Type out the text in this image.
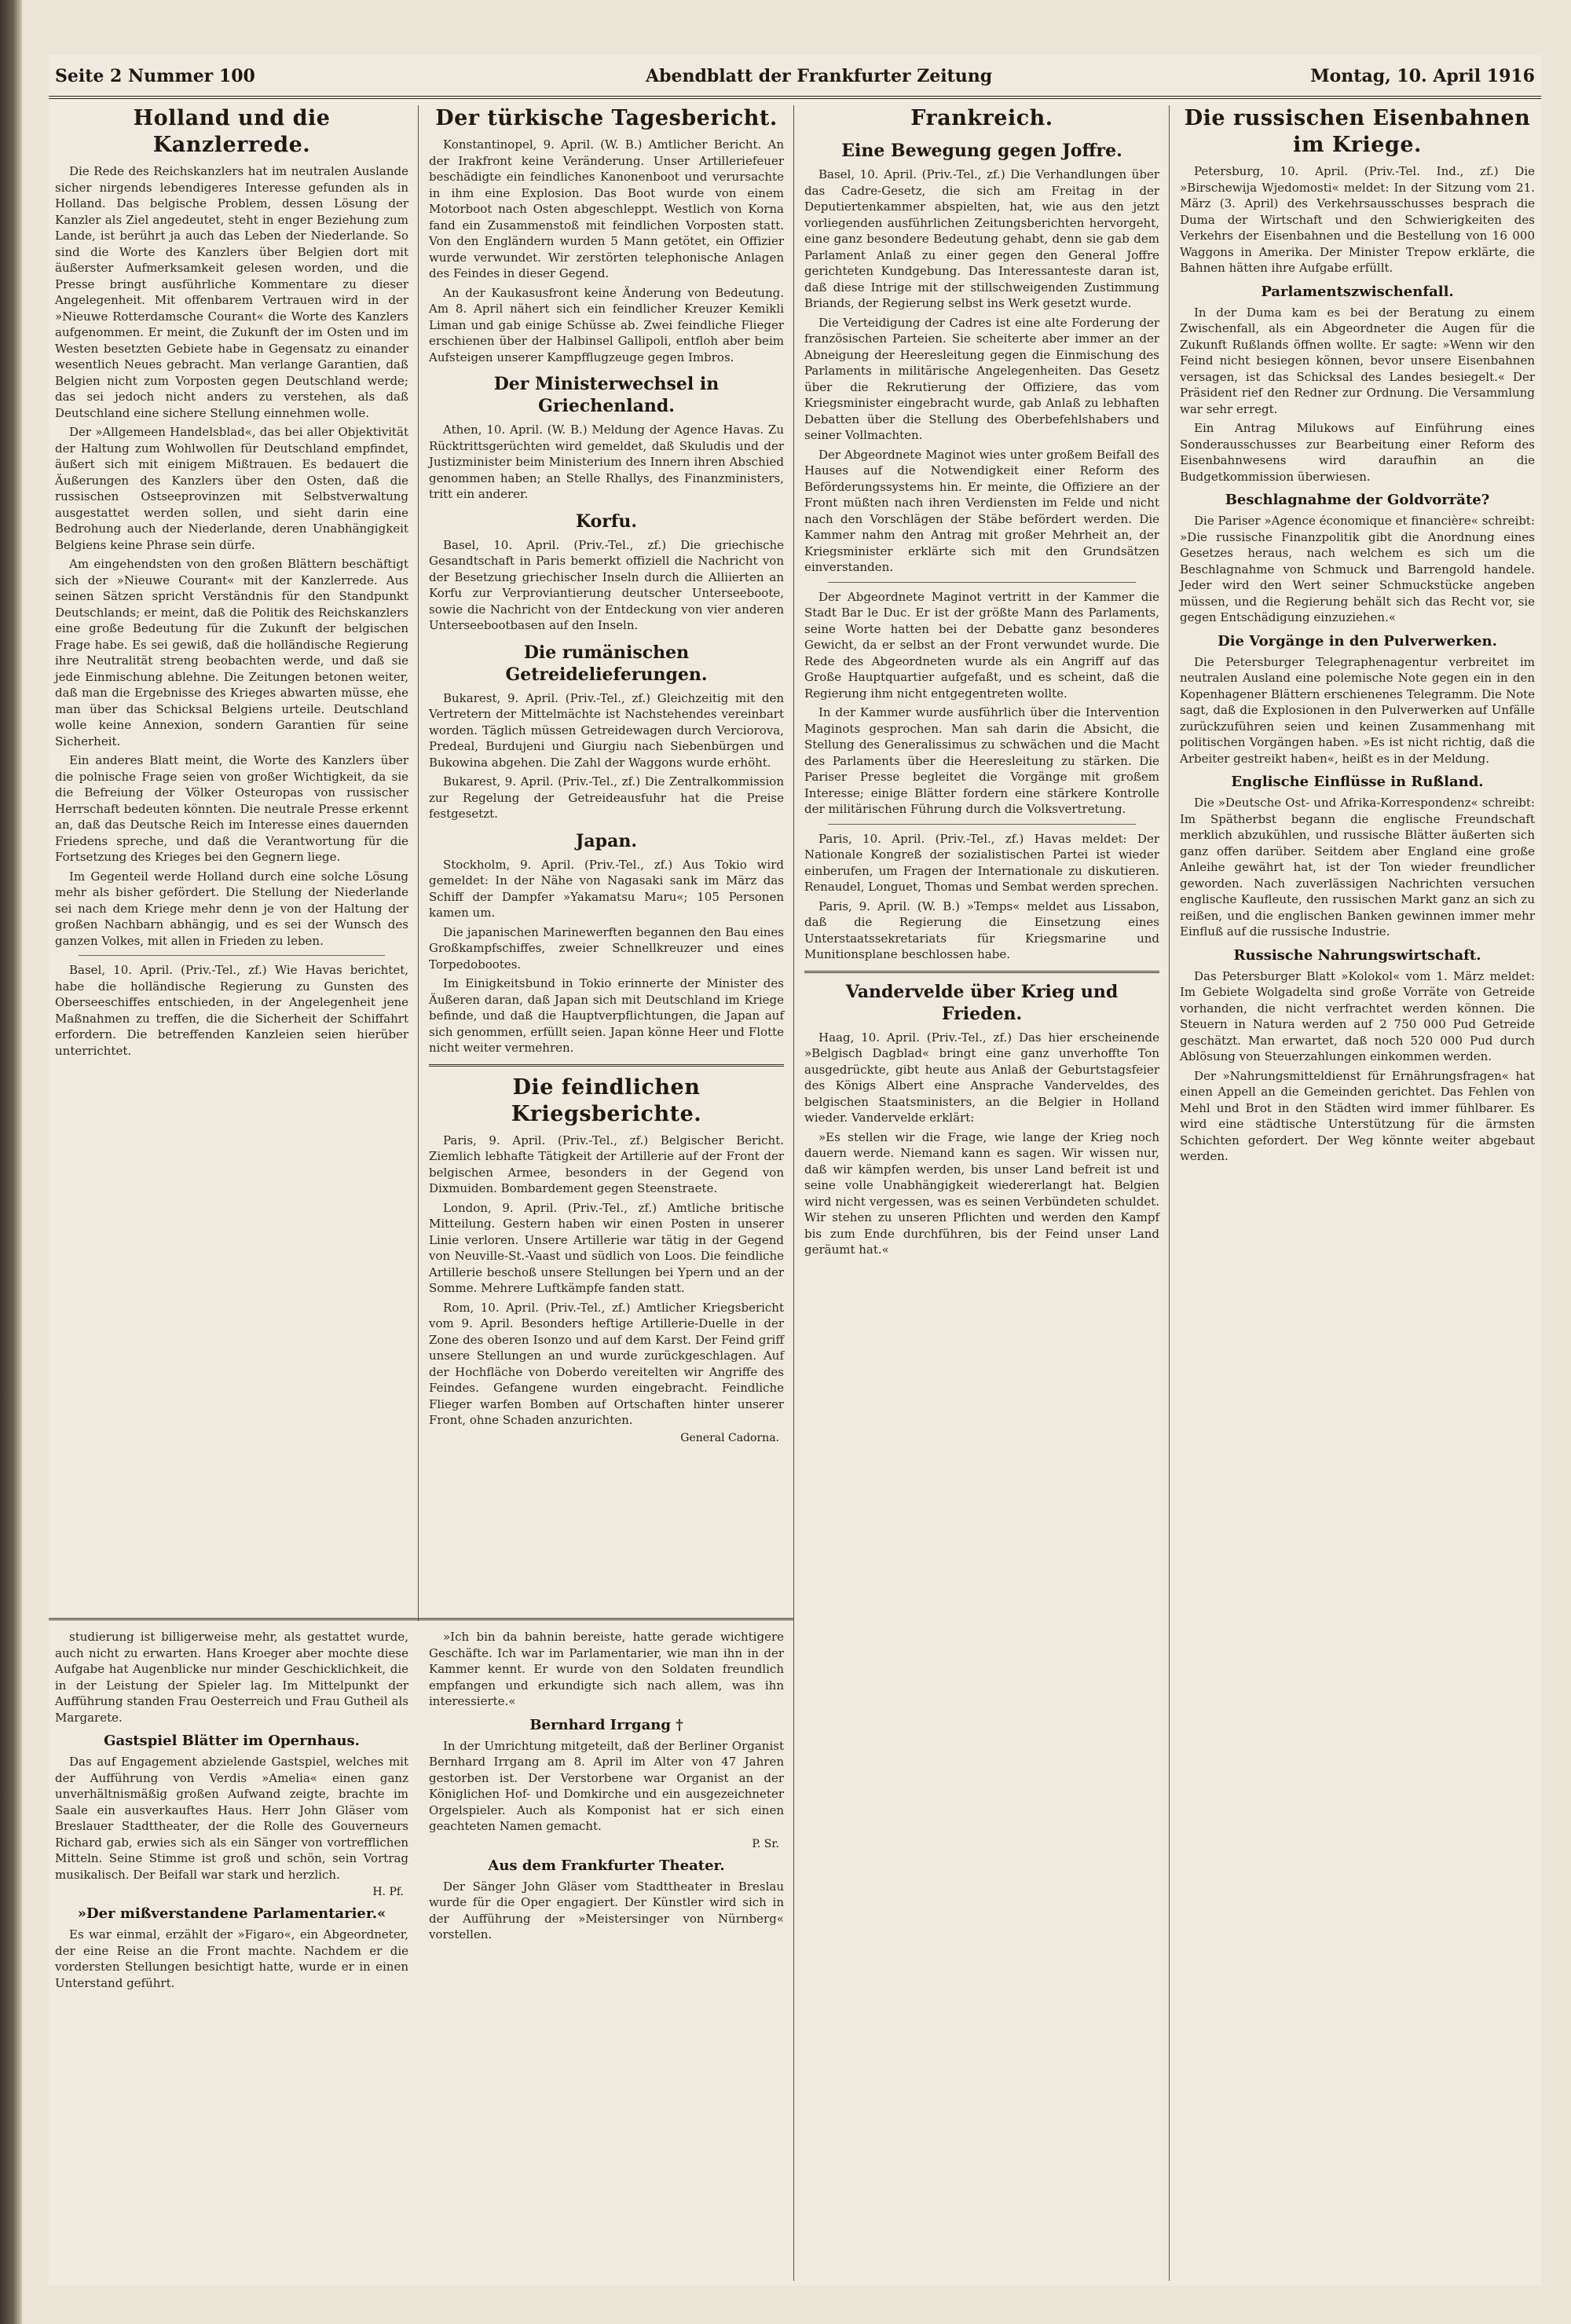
Seite 2 Nummer 100	Abendblatt der Frankfurter Zeitung	Montag, 10. April 1916
Holland und die Kanzlerrede.

Die Rede des Reichskanzlers hat im neutralen Auslande sicher nirgends lebendigeres Interesse gefunden als in Holland. Das belgische Problem, dessen Lösung der Kanzler als Ziel angedeutet, steht in enger Beziehung zum Lande, ist berührt ja auch das Leben der Niederlande. So sind die Worte des Kanzlers über Belgien dort mit äußerster Aufmerksamkeit gelesen worden, und die Presse bringt ausführliche Kommentare zu dieser Angelegenheit. Mit offenbarem Vertrauen wird in der »Nieuwe Rotterdamsche Courant« die Worte des Kanzlers aufgenommen. Er meint, die Zukunft der im Osten und im Westen besetzten Gebiete habe in Gegensatz zu einander wesentlich Neues gebracht. Man verlange Garantien, daß Belgien nicht zum Vorposten gegen Deutschland werde; das sei jedoch nicht anders zu verstehen, als daß Deutschland eine sichere Stellung einnehmen wolle.

Der »Allgemeen Handelsblad«, das bei aller Objektivität der Haltung zum Wohlwollen für Deutschland empfindet, äußert sich mit einigem Mißtrauen. Es bedauert die Äußerungen des Kanzlers über den Osten, daß die russischen Ostseeprovinzen mit Selbstverwaltung ausgestattet werden sollen, und sieht darin eine Bedrohung auch der Niederlande, deren Unabhängigkeit Belgiens keine Phrase sein dürfe.

Am eingehendsten von den großen Blättern beschäftigt sich der »Nieuwe Courant« mit der Kanzlerrede. Aus seinen Sätzen spricht Verständnis für den Standpunkt Deutschlands; er meint, daß die Politik des Reichskanzlers eine große Bedeutung für die Zukunft der belgischen Frage habe. Es sei gewiß, daß die holländische Regierung ihre Neutralität streng beobachten werde, und daß sie jede Einmischung ablehne. Die Zeitungen betonen weiter, daß man die Ergebnisse des Krieges abwarten müsse, ehe man über das Schicksal Belgiens urteile. Deutschland wolle keine Annexion, sondern Garantien für seine Sicherheit.

Ein anderes Blatt meint, die Worte des Kanzlers über die polnische Frage seien von großer Wichtigkeit, da sie die Befreiung der Völker Osteuropas von russischer Herrschaft bedeuten könnten. Die neutrale Presse erkennt an, daß das Deutsche Reich im Interesse eines dauernden Friedens spreche, und daß die Verantwortung für die Fortsetzung des Krieges bei den Gegnern liege.

Im Gegenteil werde Holland durch eine solche Lösung mehr als bisher gefördert. Die Stellung der Niederlande sei nach dem Kriege mehr denn je von der Haltung der großen Nachbarn abhängig, und es sei der Wunsch des ganzen Volkes, mit allen in Frieden zu leben.

Basel, 10. April. (Priv.-Tel., zf.) Wie Havas berichtet, habe die holländische Regierung zu Gunsten des Oberseeschiffes entschieden, in der Angelegenheit jene Maßnahmen zu treffen, die die Sicherheit der Schiffahrt erfordern. Die betreffenden Kanzleien seien hierüber unterrichtet.

Der türkische Tagesbericht.

Konstantinopel, 9. April. (W. B.) Amtlicher Bericht. An der Irakfront keine Veränderung. Unser Artilleriefeuer beschädigte ein feindliches Kanonenboot und verursachte in ihm eine Explosion. Das Boot wurde von einem Motorboot nach Osten abgeschleppt. Westlich von Korna fand ein Zusammenstoß mit feindlichen Vorposten statt. Von den Engländern wurden 5 Mann getötet, ein Offizier wurde verwundet. Wir zerstörten telephonische Anlagen des Feindes in dieser Gegend.

An der Kaukasusfront keine Änderung von Bedeutung. Am 8. April nähert sich ein feindlicher Kreuzer Kemikli Liman und gab einige Schüsse ab. Zwei feindliche Flieger erschienen über der Halbinsel Gallipoli, entfloh aber beim Aufsteigen unserer Kampfflugzeuge gegen Imbros.

Der Ministerwechsel in Griechenland.

Athen, 10. April. (W. B.) Meldung der Agence Havas. Zu Rücktrittsgerüchten wird gemeldet, daß Skuludis und der Justizminister beim Ministerium des Innern ihren Abschied genommen haben; an Stelle Rhallys, des Finanzministers, tritt ein anderer.

Korfu.

Basel, 10. April. (Priv.-Tel., zf.) Die griechische Gesandtschaft in Paris bemerkt offiziell die Nachricht von der Besetzung griechischer Inseln durch die Alliierten an Korfu zur Verproviantierung deutscher Unterseeboote, sowie die Nachricht von der Entdeckung von vier anderen Unterseebootbasen auf den Inseln.

Die rumänischen Getreidelieferungen.

Bukarest, 9. April. (Priv.-Tel., zf.) Gleichzeitig mit den Vertretern der Mittelmächte ist Nachstehendes vereinbart worden. Täglich müssen Getreidewagen durch Verciorova, Predeal, Burdujeni und Giurgiu nach Siebenbürgen und Bukowina abgehen. Die Zahl der Waggons wurde erhöht.

Bukarest, 9. April. (Priv.-Tel., zf.) Die Zentralkommission zur Regelung der Getreideausfuhr hat die Preise festgesetzt.

Japan.

Stockholm, 9. April. (Priv.-Tel., zf.) Aus Tokio wird gemeldet: In der Nähe von Nagasaki sank im März das Schiff der Dampfer »Yakamatsu Maru«; 105 Personen kamen um.

Die japanischen Marinewerften begannen den Bau eines Großkampfschiffes, zweier Schnellkreuzer und eines Torpedobootes.

Im Einigkeitsbund in Tokio erinnerte der Minister des Äußeren daran, daß Japan sich mit Deutschland im Kriege befinde, und daß die Hauptverpflichtungen, die Japan auf sich genommen, erfüllt seien. Japan könne Heer und Flotte nicht weiter vermehren.

Die feindlichen Kriegsberichte.

Paris, 9. April. (Priv.-Tel., zf.) Belgischer Bericht. Ziemlich lebhafte Tätigkeit der Artillerie auf der Front der belgischen Armee, besonders in der Gegend von Dixmuiden. Bombardement gegen Steenstraete.

London, 9. April. (Priv.-Tel., zf.) Amtliche britische Mitteilung. Gestern haben wir einen Posten in unserer Linie verloren. Unsere Artillerie war tätig in der Gegend von Neuville-St.-Vaast und südlich von Loos. Die feindliche Artillerie beschoß unsere Stellungen bei Ypern und an der Somme. Mehrere Luftkämpfe fanden statt.

Rom, 10. April. (Priv.-Tel., zf.) Amtlicher Kriegsbericht vom 9. April. Besonders heftige Artillerie-Duelle in der Zone des oberen Isonzo und auf dem Karst. Der Feind griff unsere Stellungen an und wurde zurückgeschlagen. Auf der Hochfläche von Doberdo vereitelten wir Angriffe des Feindes. Gefangene wurden eingebracht. Feindliche Flieger warfen Bomben auf Ortschaften hinter unserer Front, ohne Schaden anzurichten.

General Cadorna.
Frankreich.
Eine Bewegung gegen Joffre.

Basel, 10. April. (Priv.-Tel., zf.) Die Verhandlungen über das Cadre-Gesetz, die sich am Freitag in der Deputiertenkammer abspielten, hat, wie aus den jetzt vorliegenden ausführlichen Zeitungsberichten hervorgeht, eine ganz besondere Bedeutung gehabt, denn sie gab dem Parlament Anlaß zu einer gegen den General Joffre gerichteten Kundgebung. Das Interessanteste daran ist, daß diese Intrige mit der stillschweigenden Zustimmung Briands, der Regierung selbst ins Werk gesetzt wurde.

Die Verteidigung der Cadres ist eine alte Forderung der französischen Parteien. Sie scheiterte aber immer an der Abneigung der Heeresleitung gegen die Einmischung des Parlaments in militärische Angelegenheiten. Das Gesetz über die Rekrutierung der Offiziere, das vom Kriegsminister eingebracht wurde, gab Anlaß zu lebhaften Debatten über die Stellung des Oberbefehlshabers und seiner Vollmachten.

Der Abgeordnete Maginot wies unter großem Beifall des Hauses auf die Notwendigkeit einer Reform des Beförderungssystems hin. Er meinte, die Offiziere an der Front müßten nach ihren Verdiensten im Felde und nicht nach den Vorschlägen der Stäbe befördert werden. Die Kammer nahm den Antrag mit großer Mehrheit an, der Kriegsminister erklärte sich mit den Grundsätzen einverstanden.

Der Abgeordnete Maginot vertritt in der Kammer die Stadt Bar le Duc. Er ist der größte Mann des Parlaments, seine Worte hatten bei der Debatte ganz besonderes Gewicht, da er selbst an der Front verwundet wurde. Die Rede des Abgeordneten wurde als ein Angriff auf das Große Hauptquartier aufgefaßt, und es scheint, daß die Regierung ihm nicht entgegentreten wollte.

In der Kammer wurde ausführlich über die Intervention Maginots gesprochen. Man sah darin die Absicht, die Stellung des Generalissimus zu schwächen und die Macht des Parlaments über die Heeresleitung zu stärken. Die Pariser Presse begleitet die Vorgänge mit großem Interesse; einige Blätter fordern eine stärkere Kontrolle der militärischen Führung durch die Volksvertretung.

Paris, 10. April. (Priv.-Tel., zf.) Havas meldet: Der Nationale Kongreß der sozialistischen Partei ist wieder einberufen, um Fragen der Internationale zu diskutieren. Renaudel, Longuet, Thomas und Sembat werden sprechen.

Paris, 9. April. (W. B.) »Temps« meldet aus Lissabon, daß die Regierung die Einsetzung eines Unterstaatssekretariats für Kriegsmarine und Munitionsplane beschlossen habe.

Vandervelde über Krieg und Frieden.

Haag, 10. April. (Priv.-Tel., zf.) Das hier erscheinende »Belgisch Dagblad« bringt eine ganz unverhoffte Ton ausgedrückte, gibt heute aus Anlaß der Geburtstagsfeier des Königs Albert eine Ansprache Vanderveldes, des belgischen Staatsministers, an die Belgier in Holland wieder. Vandervelde erklärt:

»Es stellen wir die Frage, wie lange der Krieg noch dauern werde. Niemand kann es sagen. Wir wissen nur, daß wir kämpfen werden, bis unser Land befreit ist und seine volle Unabhängigkeit wiedererlangt hat. Belgien wird nicht vergessen, was es seinen Verbündeten schuldet. Wir stehen zu unseren Pflichten und werden den Kampf bis zum Ende durchführen, bis der Feind unser Land geräumt hat.«

Die russischen Eisenbahnen im Kriege.

Petersburg, 10. April. (Priv.-Tel. Ind., zf.) Die »Birschewija Wjedomosti« meldet: In der Sitzung vom 21. März (3. April) des Verkehrsausschusses besprach die Duma der Wirtschaft und den Schwierigkeiten des Verkehrs der Eisenbahnen und die Bestellung von 16 000 Waggons in Amerika. Der Minister Trepow erklärte, die Bahnen hätten ihre Aufgabe erfüllt.

Parlamentszwischenfall.

In der Duma kam es bei der Beratung zu einem Zwischenfall, als ein Abgeordneter die Augen für die Zukunft Rußlands öffnen wollte. Er sagte: »Wenn wir den Feind nicht besiegen können, bevor unsere Eisenbahnen versagen, ist das Schicksal des Landes besiegelt.« Der Präsident rief den Redner zur Ordnung. Die Versammlung war sehr erregt.

Ein Antrag Milukows auf Einführung eines Sonderausschusses zur Bearbeitung einer Reform des Eisenbahnwesens wird daraufhin an die Budgetkommission überwiesen.

Beschlagnahme der Goldvorräte?

Die Pariser »Agence économique et financière« schreibt: »Die russische Finanzpolitik gibt die Anordnung eines Gesetzes heraus, nach welchem es sich um die Beschlagnahme von Schmuck und Barrengold handele. Jeder wird den Wert seiner Schmuckstücke angeben müssen, und die Regierung behält sich das Recht vor, sie gegen Entschädigung einzuziehen.«

Die Vorgänge in den Pulverwerken.

Die Petersburger Telegraphenagentur verbreitet im neutralen Ausland eine polemische Note gegen ein in den Kopenhagener Blättern erschienenes Telegramm. Die Note sagt, daß die Explosionen in den Pulverwerken auf Unfälle zurückzuführen seien und keinen Zusammenhang mit politischen Vorgängen haben. »Es ist nicht richtig, daß die Arbeiter gestreikt haben«, heißt es in der Meldung.

Englische Einflüsse in Rußland.

Die »Deutsche Ost- und Afrika-Korrespondenz« schreibt: Im Spätherbst begann die englische Freundschaft merklich abzukühlen, und russische Blätter äußerten sich ganz offen darüber. Seitdem aber England eine große Anleihe gewährt hat, ist der Ton wieder freundlicher geworden. Nach zuverlässigen Nachrichten versuchen englische Kaufleute, den russischen Markt ganz an sich zu reißen, und die englischen Banken gewinnen immer mehr Einfluß auf die russische Industrie.

Russische Nahrungswirtschaft.

Das Petersburger Blatt »Kolokol« vom 1. März meldet: Im Gebiete Wolgadelta sind große Vorräte von Getreide vorhanden, die nicht verfrachtet werden können. Die Steuern in Natura werden auf 2 750 000 Pud Getreide geschätzt. Man erwartet, daß noch 520 000 Pud durch Ablösung von Steuerzahlungen einkommen werden.

Der »Nahrungsmitteldienst für Ernährungsfragen« hat einen Appell an die Gemeinden gerichtet. Das Fehlen von Mehl und Brot in den Städten wird immer fühlbarer. Es wird eine städtische Unterstützung für die ärmsten Schichten gefordert. Der Weg könnte weiter abgebaut werden.

studierung ist billigerweise mehr, als gestattet wurde, auch nicht zu erwarten. Hans Kroeger aber mochte diese Aufgabe hat Augenblicke nur minder Geschicklichkeit, die in der Leistung der Spieler lag. Im Mittelpunkt der Aufführung standen Frau Oesterreich und Frau Gutheil als Margarete.

Gastspiel Blätter im Opernhaus.

Das auf Engagement abzielende Gastspiel, welches mit der Aufführung von Verdis »Amelia« einen ganz unverhältnismäßig großen Aufwand zeigte, brachte im Saale ein ausverkauftes Haus. Herr John Gläser vom Breslauer Stadttheater, der die Rolle des Gouverneurs Richard gab, erwies sich als ein Sänger von vortrefflichen Mitteln. Seine Stimme ist groß und schön, sein Vortrag musikalisch. Der Beifall war stark und herzlich.

H. Pf.
»Der mißverstandene Parlamentarier.«

Es war einmal, erzählt der »Figaro«, ein Abgeordneter, der eine Reise an die Front machte. Nachdem er die vordersten Stellungen besichtigt hatte, wurde er in einen Unterstand geführt.

»Ich bin da bahnin bereiste, hatte gerade wichtigere Geschäfte. Ich war im Parlamentarier, wie man ihn in der Kammer kennt. Er wurde von den Soldaten freundlich empfangen und erkundigte sich nach allem, was ihn interessierte.«

Bernhard Irrgang †

In der Umrichtung mitgeteilt, daß der Berliner Organist Bernhard Irrgang am 8. April im Alter von 47 Jahren gestorben ist. Der Verstorbene war Organist an der Königlichen Hof- und Domkirche und ein ausgezeichneter Orgelspieler. Auch als Komponist hat er sich einen geachteten Namen gemacht.

P. Sr.
Aus dem Frankfurter Theater.

Der Sänger John Gläser vom Stadttheater in Breslau wurde für die Oper engagiert. Der Künstler wird sich in der Aufführung der »Meistersinger von Nürnberg« vorstellen.
